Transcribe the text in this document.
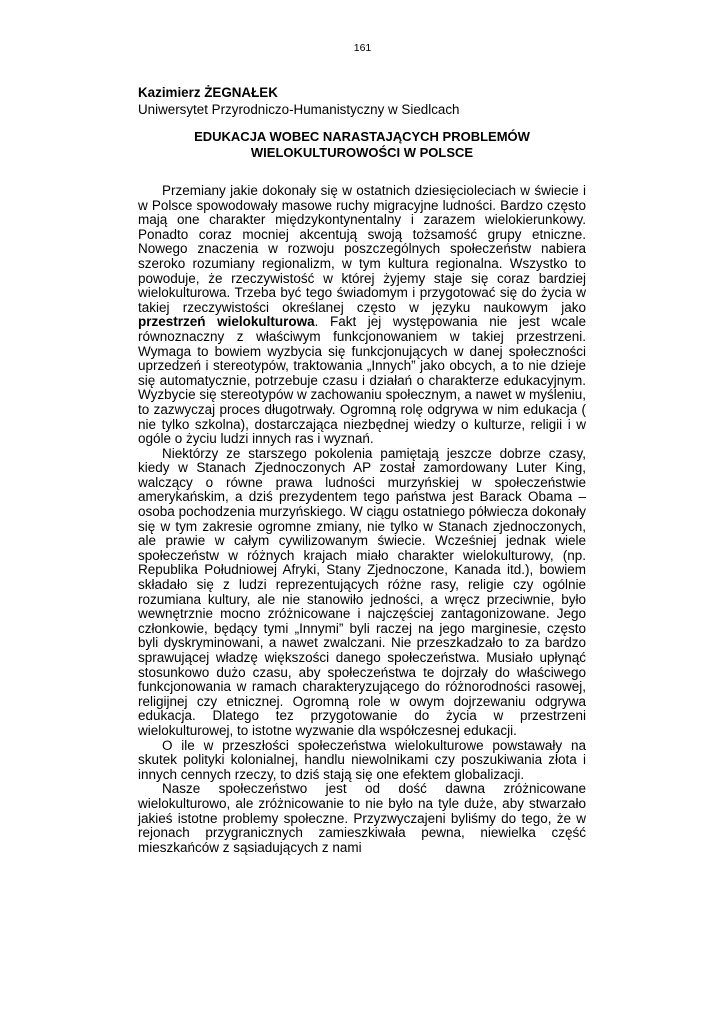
161
Kazimierz ŻEGNAŁEK
Uniwersytet Przyrodniczo-Humanistyczny w Siedlcach
EDUKACJA WOBEC NARASTAJĄCYCH PROBLEMÓW
WIELOKULTUROWOŚCI W POLSCE

Przemiany jakie dokonały się w ostatnich dziesięcioleciach w świecie i w Polsce spowodowały masowe ruchy migracyjne ludności. Bardzo często mają one charakter międzykontynentalny i zarazem wielokierunkowy. Ponadto coraz mocniej akcentują swoją tożsamość grupy etniczne. Nowego znaczenia w rozwoju poszczególnych społeczeństw nabiera szeroko rozumiany regionalizm, w tym kultura regionalna. Wszystko to powoduje, że rzeczywistość w której żyjemy staje się coraz bardziej wielokulturowa. Trzeba być tego świadomym i przygotować się do życia w takiej rzeczywistości określanej często w języku naukowym jako przestrzeń wielokulturowa. Fakt jej występowania nie jest wcale równoznaczny z właściwym funkcjonowaniem w takiej przestrzeni. Wymaga to bowiem wyzbycia się funkcjonujących w danej społeczności uprzedzeń i stereotypów, traktowania „Innych” jako obcych, a to nie dzieje się automatycznie, potrzebuje czasu i działań o charakterze edukacyjnym. Wyzbycie się stereotypów w zachowaniu społecznym, a nawet w myśleniu, to zazwyczaj proces długotrwały. Ogromną rolę odgrywa w nim edukacja ( nie tylko szkolna), dostarczająca niezbędnej wiedzy o kulturze, religii i w ogóle o życiu ludzi innych ras i wyznań.

Niektórzy ze starszego pokolenia pamiętają jeszcze dobrze czasy, kiedy w Stanach Zjednoczonych AP został zamordowany Luter King, walczący o równe prawa ludności murzyńskiej w społeczeństwie amerykańskim, a dziś prezydentem tego państwa jest Barack Obama – osoba pochodzenia murzyńskiego. W ciągu ostatniego półwiecza dokonały się w tym zakresie ogromne zmiany, nie tylko w Stanach zjednoczonych, ale prawie w całym cywilizowanym świecie. Wcześniej jednak wiele społeczeństw w różnych krajach miało charakter wielokulturowy, (np. Republika Południowej Afryki, Stany Zjednoczone, Kanada itd.), bowiem składało się z ludzi reprezentujących różne rasy, religie czy ogólnie rozumiana kultury, ale nie stanowiło jedności, a wręcz przeciwnie, było wewnętrznie mocno zróżnicowane i najczęściej zantagonizowane. Jego członkowie, będący tymi „Innymi” byli raczej na jego marginesie, często byli dyskryminowani, a nawet zwalczani. Nie przeszkadzało to za bardzo sprawującej władzę większości danego społeczeństwa. Musiało upłynąć stosunkowo dużo czasu, aby społeczeństwa te dojrzały do właściwego funkcjonowania w ramach charakteryzującego do różnorodności rasowej, religijnej czy etnicznej. Ogromną role w owym dojrzewaniu odgrywa edukacja. Dlatego tez przygotowanie do życia w przestrzeni wielokulturowej, to istotne wyzwanie dla współczesnej edukacji.

O ile w przeszłości społeczeństwa wielokulturowe powstawały na skutek polityki kolonialnej, handlu niewolnikami czy poszukiwania złota i innych cennych rzeczy, to dziś stają się one efektem globalizacji.

Nasze społeczeństwo jest od dość dawna zróżnicowane wielokulturowo, ale zróżnicowanie to nie było na tyle duże, aby stwarzało jakieś istotne problemy społeczne. Przyzwyczajeni byliśmy do tego, że w rejonach przygranicznych zamieszkiwała pewna, niewielka część mieszkańców z sąsiadujących z nami
